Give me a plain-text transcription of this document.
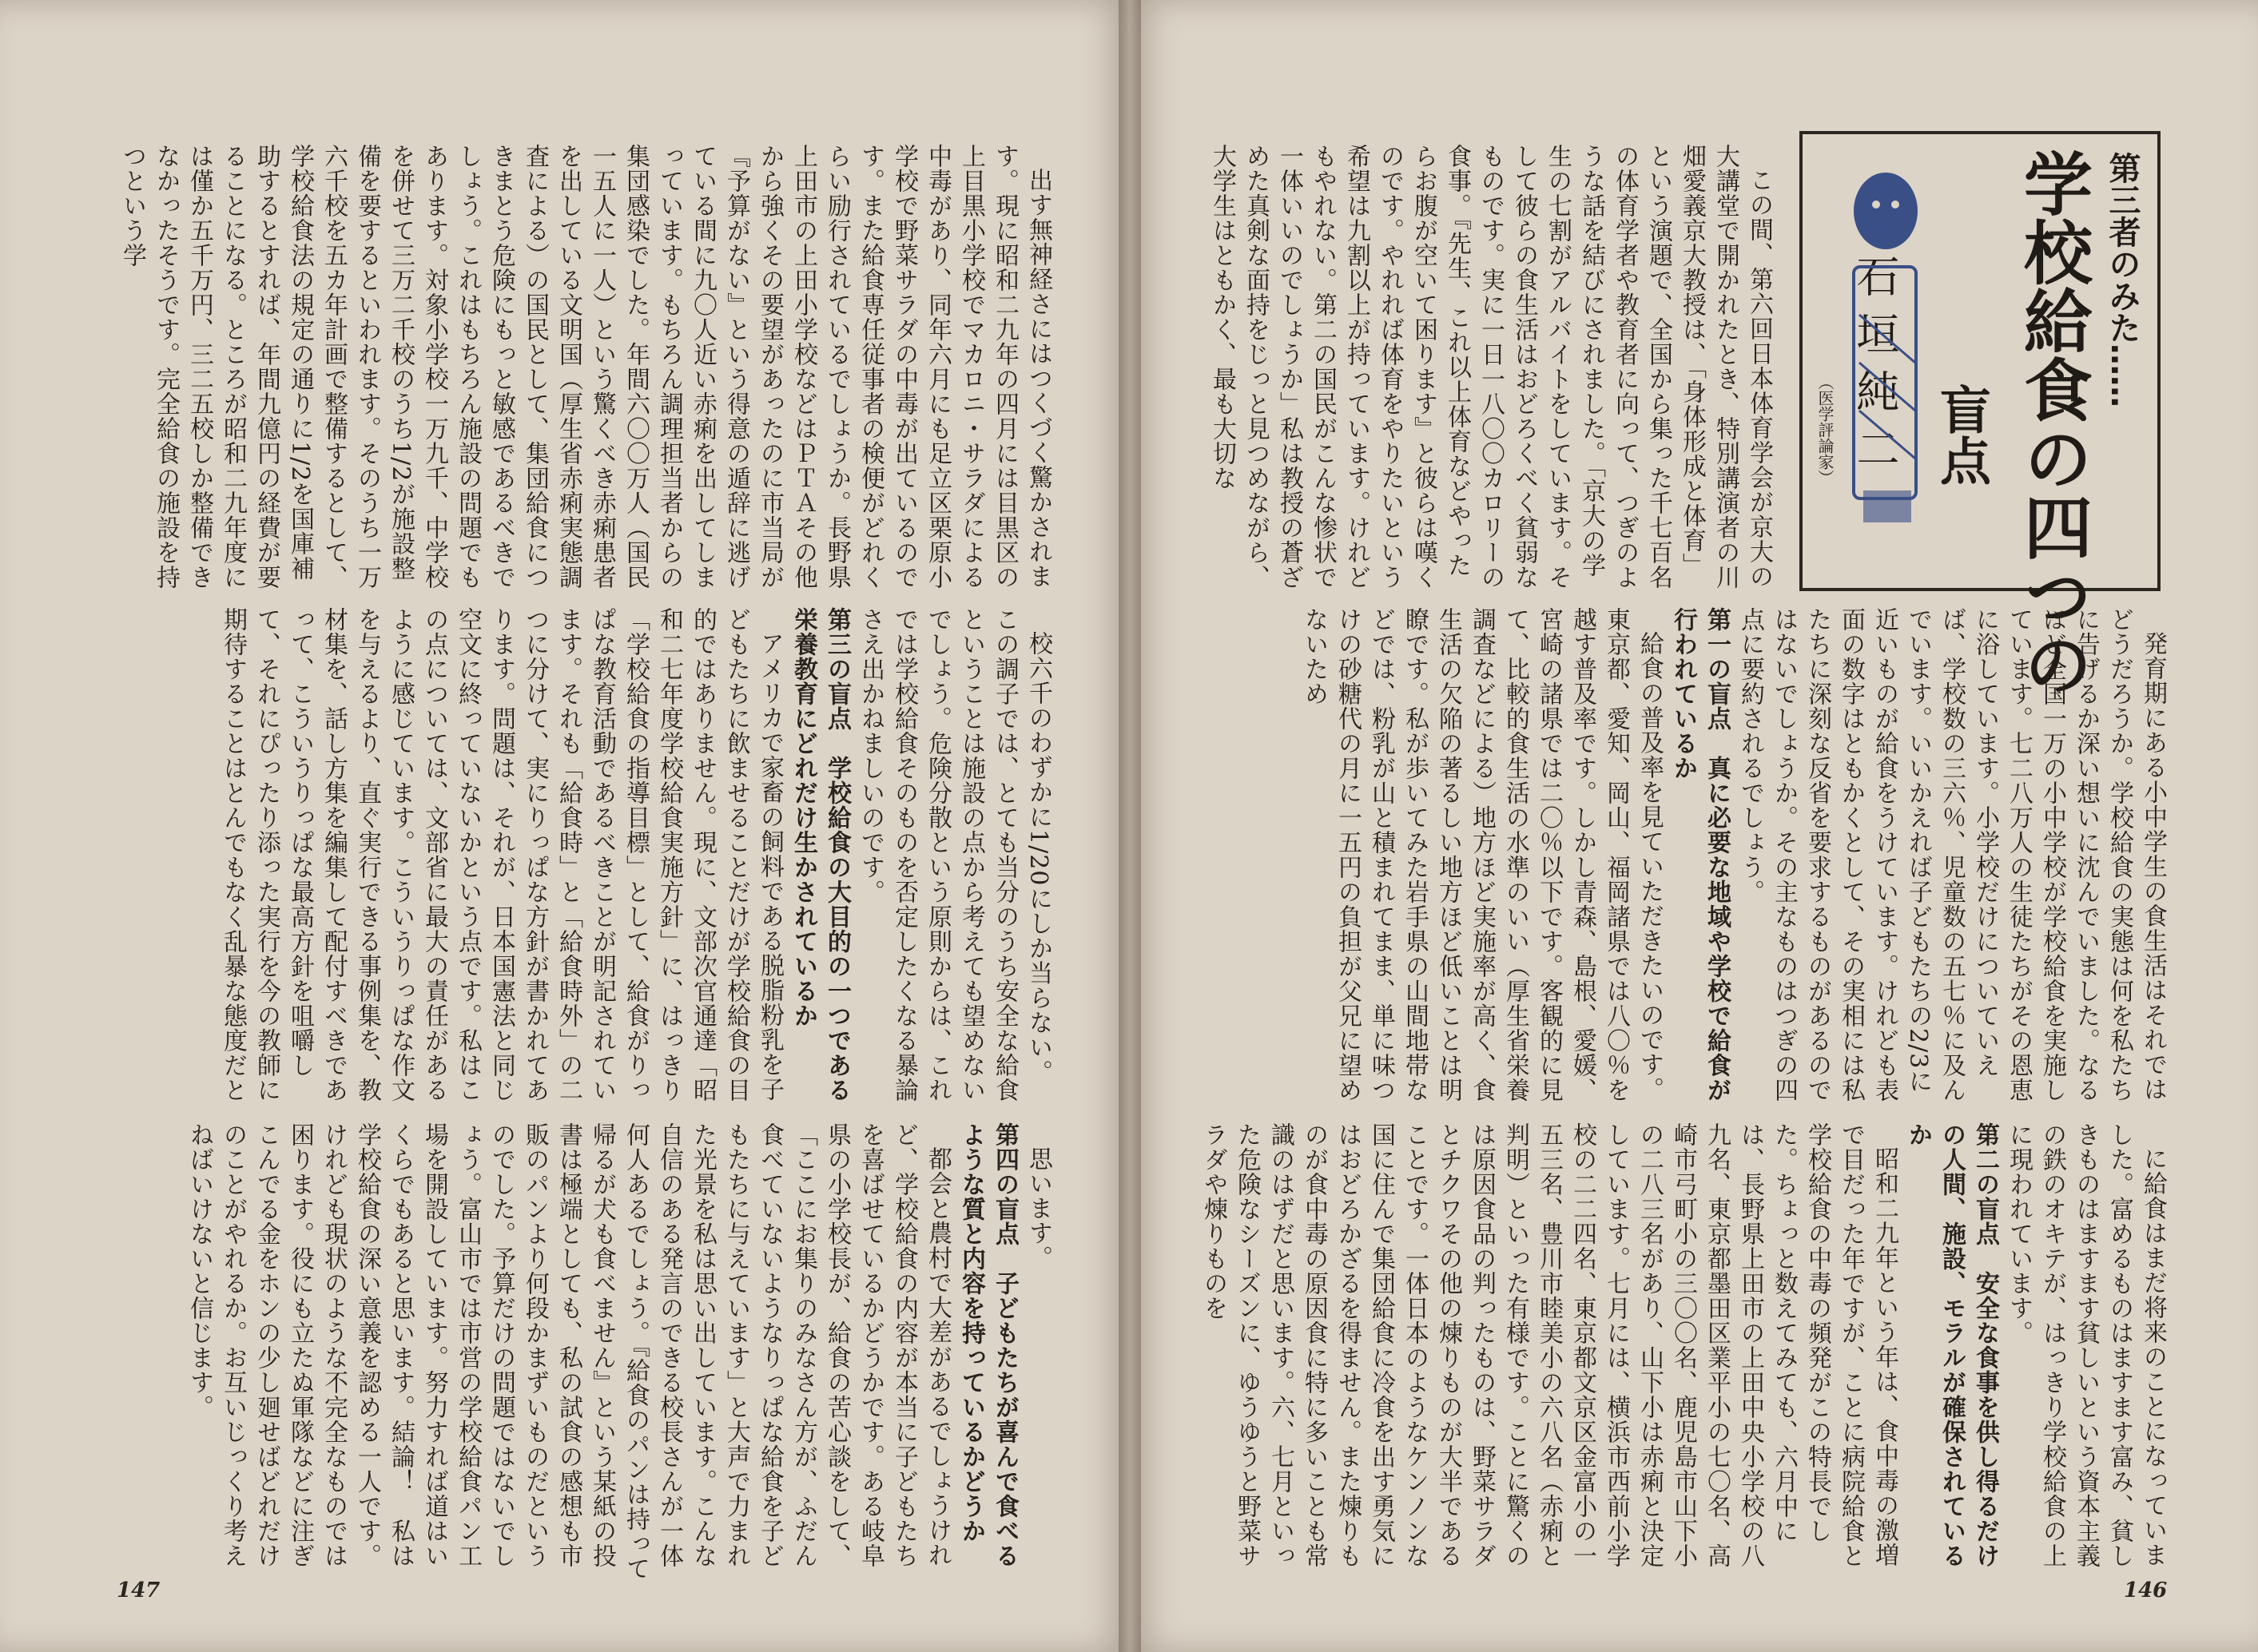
第三者のみた……
学校給食の四つの
盲点
石垣純二
（医学評論家）

この間、第六回日本体育学会が京大の大講堂で開かれたとき、特別講演者の川畑愛義京大教授は、「身体形成と体育」という演題で、全国から集った千七百名の体育学者や教育者に向って、つぎのような話を結びにされました。「京大の学生の七割がアルバイトをしています。そして彼らの食生活はおどろくべく貧弱なものです。実に一日一八〇〇カロリーの食事。『先生、これ以上体育などやったらお腹が空いて困ります』と彼らは嘆くのです。やれれば体育をやりたいという希望は九割以上が持っています。けれどもやれない。第二の国民がこんな惨状で一体いいのでしょうか」私は教授の蒼ざめた真剣な面持をじっと見つめながら、大学生はともかく、最も大切な

発育期にある小中学生の食生活はそれではどうだろうか。学校給食の実態は何を私たちに告げるか深い想いに沈んでいました。なるほど全国一万の小中学校が学校給食を実施しています。七二八万人の生徒たちがその恩恵に浴しています。小学校だけについていえば、学校数の三六％、児童数の五七％に及んでいます。いいかえれば子どもたちの2/3に近いものが給食をうけています。けれども表面の数字はともかくとして、その実相には私たちに深刻な反省を要求するものがあるのではないでしょうか。その主なものはつぎの四点に要約されるでしょう。

第一の盲点　真に必要な地域や学校で給食が行われているか

給食の普及率を見ていただきたいのです。東京都、愛知、岡山、福岡諸県では八〇％を越す普及率です。しかし青森、島根、愛媛、宮崎の諸県では二〇％以下です。客観的に見て、比較的食生活の水準のいい（厚生省栄養調査などによる）地方ほど実施率が高く、食生活の欠陥の著るしい地方ほど低いことは明瞭です。私が歩いてみた岩手県の山間地帯などでは、粉乳が山と積まれてまま、単に味つけの砂糖代の月に一五円の負担が父兄に望めないため

に給食はまだ将来のことになっていました。富めるものはますます富み、貧しきものはますます貧しいという資本主義の鉄のオキテが、はっきり学校給食の上に現われています。

第二の盲点　安全な食事を供し得るだけの人間、施設、モラルが確保されているか

昭和二九年という年は、食中毒の激増で目だった年ですが、ことに病院給食と学校給食の中毒の頻発がこの特長でした。ちょっと数えてみても、六月中には、長野県上田市の上田中央小学校の八九名、東京都墨田区業平小の七〇名、高崎市弓町小の三〇〇名、鹿児島市山下小の二八三名があり、山下小は赤痢と決定しています。七月には、横浜市西前小学校の二二四名、東京都文京区金富小の一五三名、豊川市睦美小の六八名（赤痢と判明）といった有様です。ことに驚くのは原因食品の判ったものは、野菜サラダとチクワその他の煉りものが大半であることです。一体日本のようなケンノンな国に住んで集団給食に冷食を出す勇気にはおどろかざるを得ません。また煉りものが食中毒の原因食に特に多いことも常識のはずだと思います。六、七月といった危険なシーズンに、ゆうゆうと野菜サラダや煉りものを

146

出す無神経さにはつくづく驚かされます。現に昭和二九年の四月には目黒区の上目黒小学校でマカロニ・サラダによる中毒があり、同年六月にも足立区栗原小学校で野菜サラダの中毒が出ているのです。また給食専任従事者の検便がどれくらい励行されているでしょうか。長野県上田市の上田小学校などはＰＴＡその他から強くその要望があったのに市当局が『予算がない』という得意の遁辞に逃げている間に九〇人近い赤痢を出してしまっています。もちろん調理担当者からの集団感染でした。年間六〇〇万人（国民一五人に一人）という驚くべき赤痢患者を出している文明国（厚生省赤痢実態調査による）の国民として、集団給食につきまとう危険にもっと敏感であるべきでしょう。これはもちろん施設の問題でもあります。対象小学校一万九千、中学校を併せて三万二千校のうち1/2が施設整備を要するといわれます。そのうち一万六千校を五カ年計画で整備するとして、学校給食法の規定の通りに1/2を国庫補助するとすれば、年間九億円の経費が要ることになる。ところが昭和二九年度には僅か五千万円、三二五校しか整備できなかったそうです。完全給食の施設を持つという学

校六千のわずかに1/20にしか当らない。この調子では、とても当分のうち安全な給食ということは施設の点から考えても望めないでしょう。危険分散という原則からは、これでは学校給食そのものを否定したくなる暴論さえ出かねましいのです。

第三の盲点　学校給食の大目的の一つである栄養教育にどれだけ生かされているか

アメリカで家畜の飼料である脱脂粉乳を子どもたちに飲ませることだけが学校給食の目的ではありません。現に、文部次官通達「昭和二七年度学校給食実施方針」に、はっきり「学校給食の指導目標」として、給食がりっぱな教育活動であるべきことが明記されています。それも「給食時」と「給食時外」の二つに分けて、実にりっぱな方針が書かれてあります。問題は、それが、日本国憲法と同じ空文に終っていないかという点です。私はこの点については、文部省に最大の責任があるように感じています。こういうりっぱな作文を与えるより、直ぐ実行できる事例集を、教材集を、話し方集を編集して配付すべきであって、こういうりっぱな最高方針を咀嚼して、それにぴったり添った実行を今の教師に期待することはとんでもなく乱暴な態度だと

思います。

第四の盲点　子どもたちが喜んで食べるような質と内容を持っているかどうか

都会と農村で大差があるでしょうけれど、学校給食の内容が本当に子どもたちを喜ばせているかどうかです。ある岐阜県の小学校長が、給食の苦心談をして、「ここにお集りのみなさん方が、ふだん食べていないようなりっぱな給食を子どもたちに与えています」と大声で力まれた光景を私は思い出しています。こんな自信のある発言のできる校長さんが一体何人あるでしょう。『給食のパンは持って帰るが犬も食べません』という某紙の投書は極端としても、私の試食の感想も市販のパンより何段かまずいものだというのでした。予算だけの問題ではないでしょう。富山市では市営の学校給食パン工場を開設しています。努力すれば道はいくらでもあると思います。結論！　私は学校給食の深い意義を認める一人です。けれども現状のような不完全なものでは困ります。役にも立たぬ軍隊などに注ぎこんでる金をホンの少し廻せばどれだけのことがやれるか。お互いじっくり考えねばいけないと信じます。

147
